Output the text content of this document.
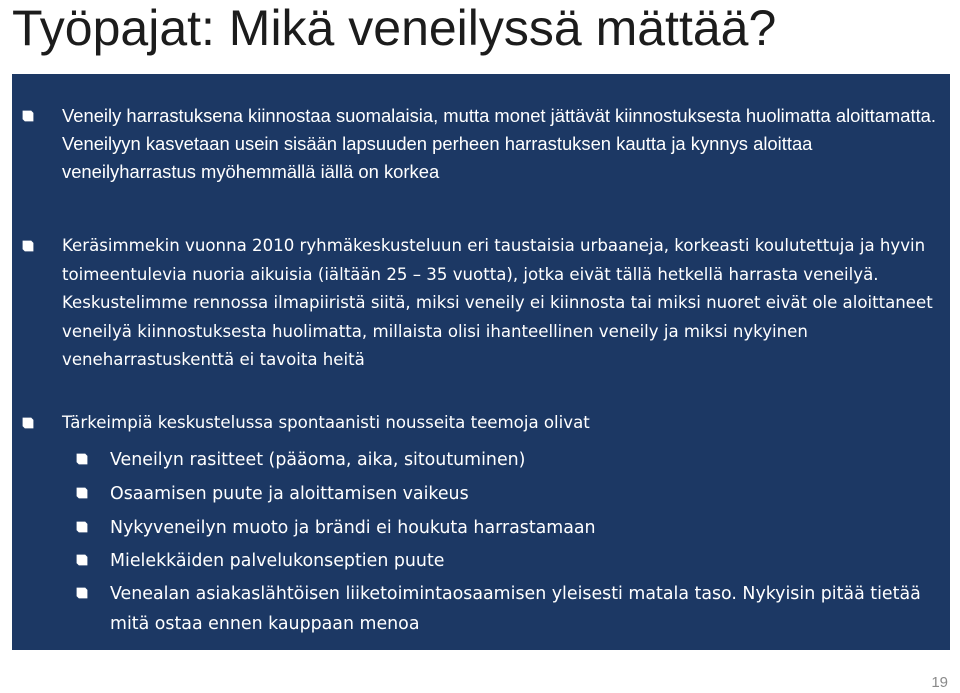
Työpajat: Mikä veneilyssä mättää?
Veneily harrastuksena kiinnostaa suomalaisia, mutta monet jättävät kiinnostuksesta huolimatta aloittamatta. Veneilyyn kasvetaan usein sisään lapsuuden perheen harrastuksen kautta ja kynnys aloittaa veneilyharrastus myöhemmällä iällä on korkea
Keräsimmekin vuonna 2010 ryhmäkeskusteluun eri taustaisia urbaaneja, korkeasti koulutettuja ja hyvin toimeentulevia nuoria aikuisia (iältään 25 – 35 vuotta), jotka eivät tällä hetkellä harrasta veneilyä. Keskustelimme rennossa ilmapiiristä siitä, miksi veneily ei kiinnosta tai miksi nuoret eivät ole aloittaneet veneilyä kiinnostuksesta huolimatta, millaista olisi ihanteellinen veneily ja miksi nykyinen veneharrastuskenttä ei tavoita heitä
Tärkeimpiä keskustelussa spontaanisti nousseita teemoja olivat
Veneilyn rasitteet (pääoma, aika, sitoutuminen)
Osaamisen puute ja aloittamisen vaikeus
Nykyveneilyn muoto ja brändi ei houkuta harrastamaan
Mielekkäiden palvelukonseptien puute
Venealan asiakaslähtöisen liiketoimintaosaamisen yleisesti matala taso. Nykyisin pitää tietää mitä ostaa ennen kauppaan menoa
19
